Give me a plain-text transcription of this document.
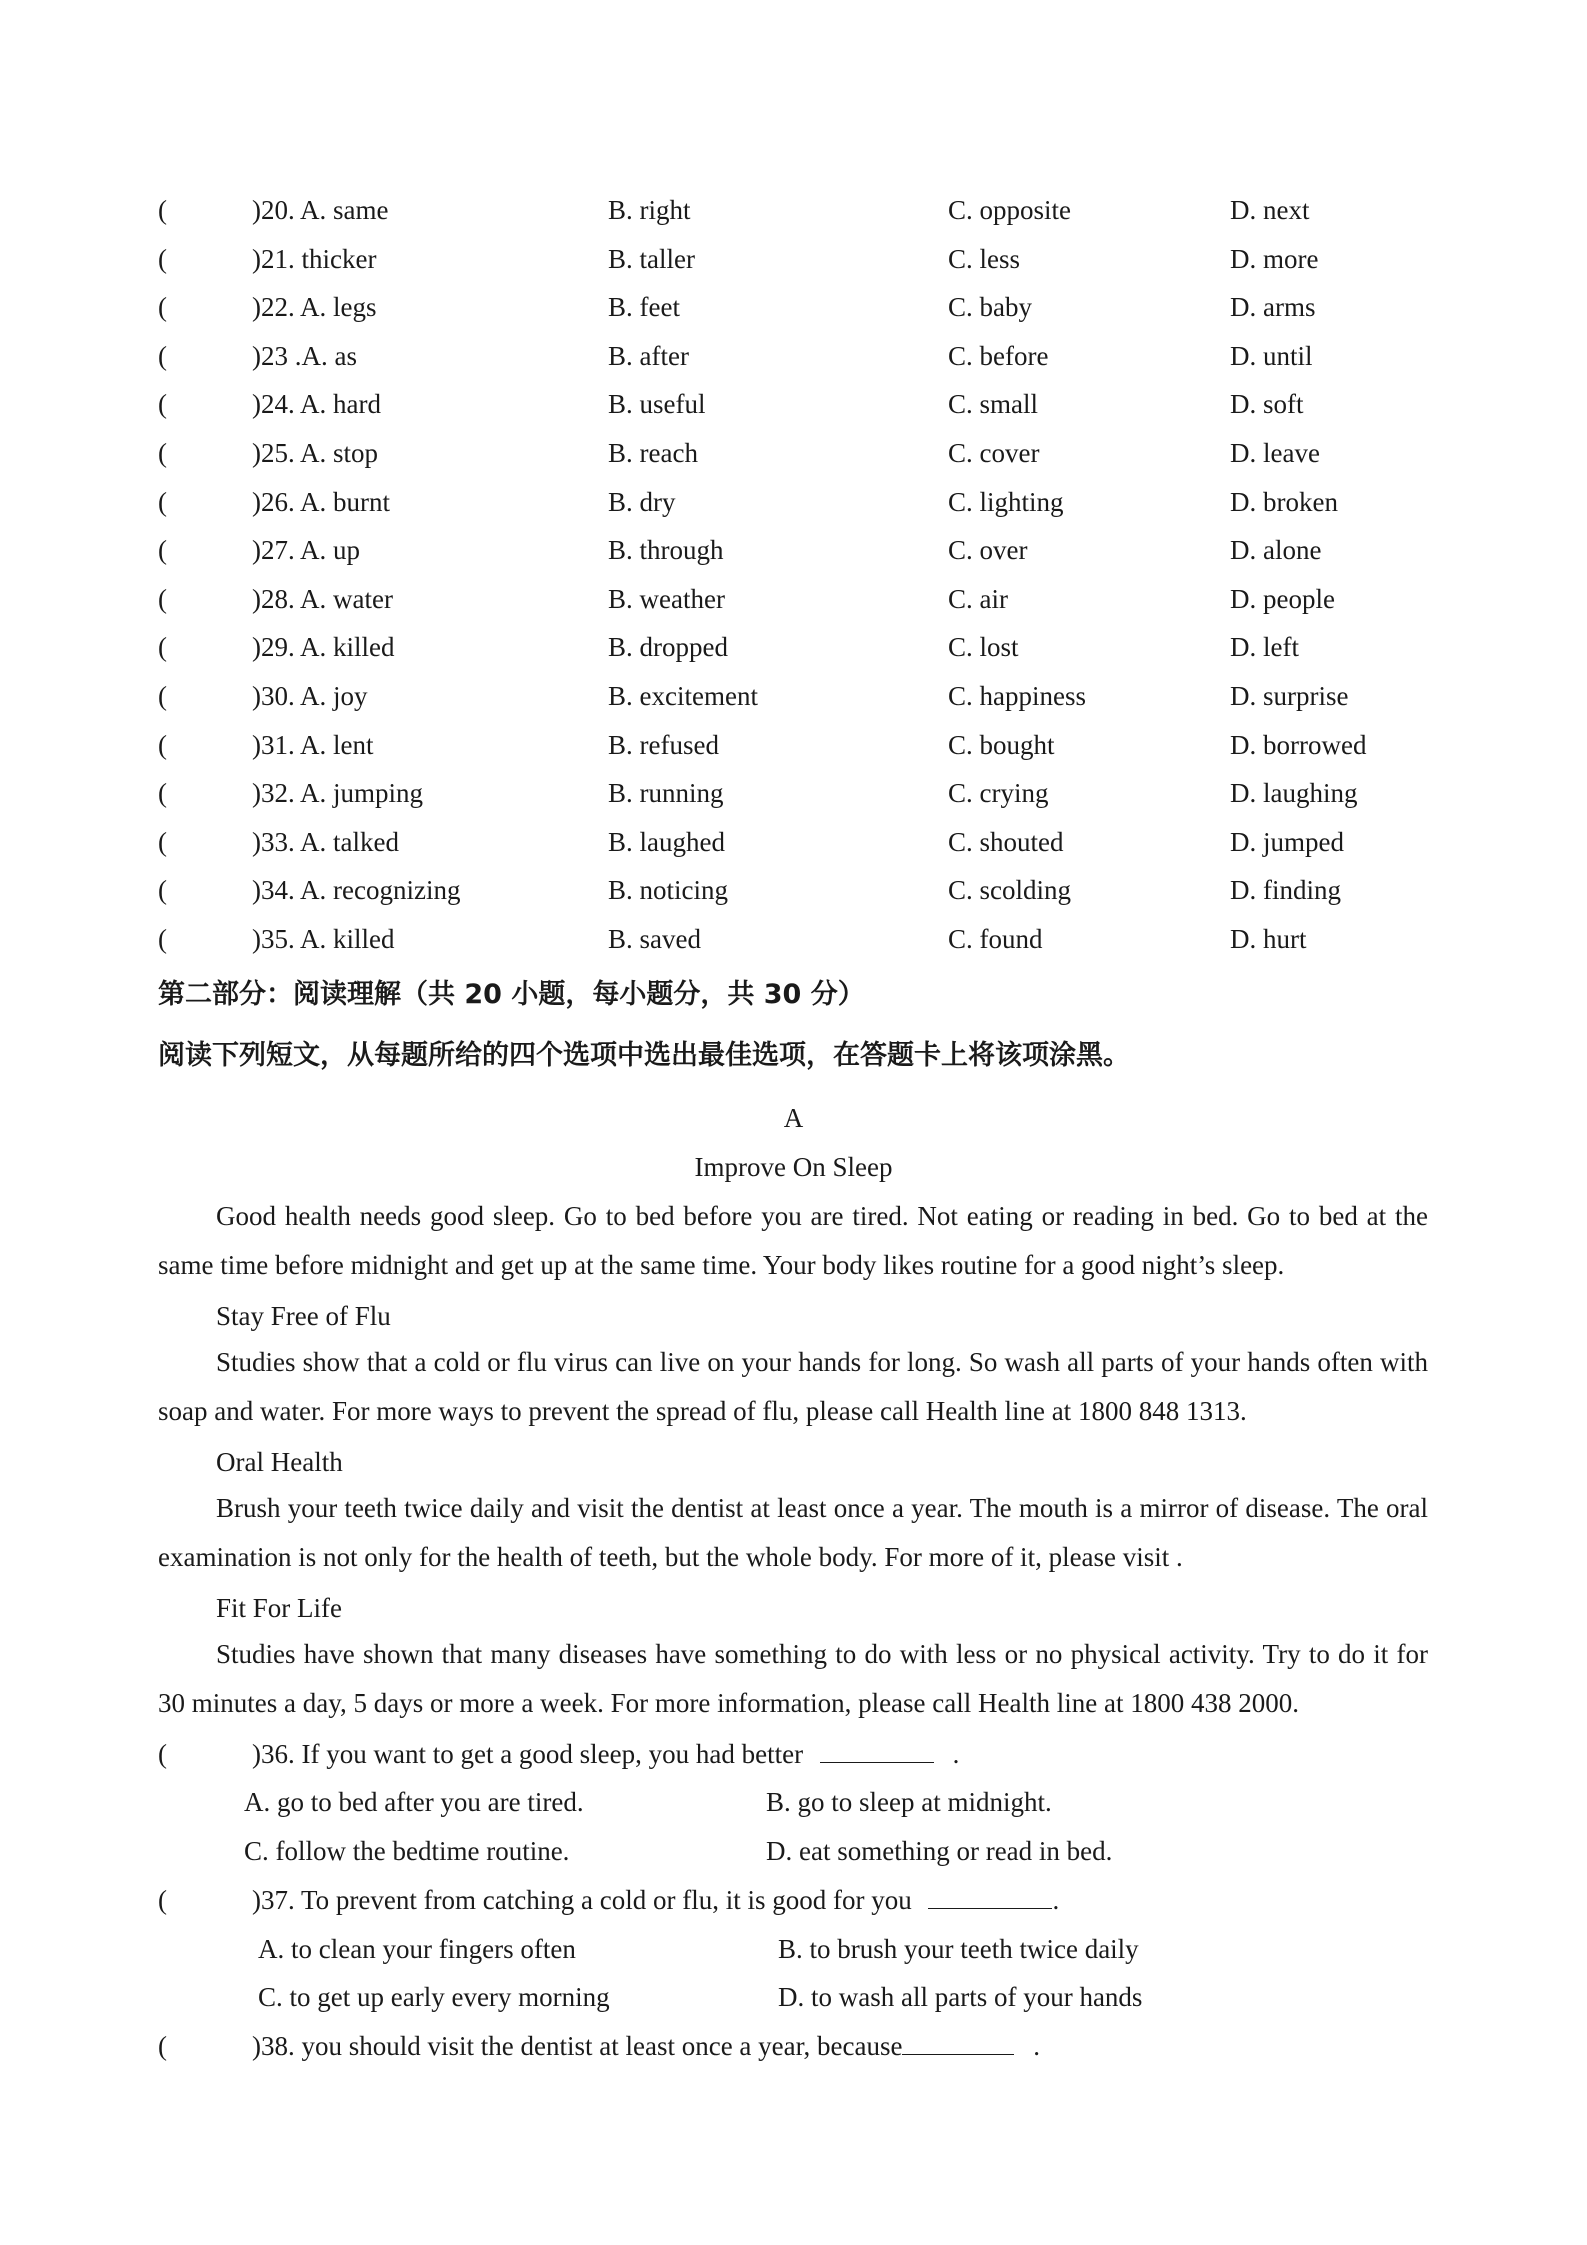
(	)20. A. same	B. right	C. opposite	D. next
(	)21. thicker	B. taller	C. less	D. more
(	)22. A. legs	B. feet	C. baby	D. arms
(	)23 .A. as	B. after	C. before	D. until
(	)24. A. hard	B. useful	C. small	D. soft
(	)25. A. stop	B. reach	C. cover	D. leave
(	)26. A. burnt	B. dry	C. lighting	D. broken
(	)27. A. up	B. through	C. over	D. alone
(	)28. A. water	B. weather	C. air	D. people
(	)29. A. killed	B. dropped	C. lost	D. left
(	)30. A. joy	B. excitement	C. happiness	D. surprise
(	)31. A. lent	B. refused	C. bought	D. borrowed
(	)32. A. jumping	B. running	C. crying	D. laughing
(	)33. A. talked	B. laughed	C. shouted	D. jumped
(	)34. A. recognizing	B. noticing	C. scolding	D. finding
(	)35. A. killed	B. saved	C. found	D. hurt
第二部分：阅读理解（共 20 小题，每小题分，共 30 分）
阅读下列短文，从每题所给的四个选项中选出最佳选项，在答题卡上将该项涂黑。
A
Improve On Sleep
Good health needs good sleep. Go to bed before you are tired. Not eating or reading in bed. Go to bed at the same time before midnight and get up at the same time. Your body likes routine for a good night’s sleep.
Stay Free of Flu
Studies show that a cold or flu virus can live on your hands for long. So wash all parts of your hands often with soap and water. For more ways to prevent the spread of flu, please call Health line at 1800 848 1313.
Oral Health
Brush your teeth twice daily and visit the dentist at least once a year. The mouth is a mirror of disease. The oral examination is not only for the health of teeth, but the whole body. For more of it, please visit .
Fit For Life
Studies have shown that many diseases have something to do with less or no physical activity. Try to do it for 30 minutes a day, 5 days or more a week. For more information, please call Health line at 1800 438 2000.
(	)36. If you want to get a good sleep, you had better	.
A. go to bed after you are tired.	B. go to sleep at midnight.
C. follow the bedtime routine.	D. eat something or read in bed.
(	)37. To prevent from catching a cold or flu, it is good for you	.
A. to clean your fingers often	B. to brush your teeth twice daily
C. to get up early every morning	D. to wash all parts of your hands
(	)38. you should visit the dentist at least once a year, because	.
